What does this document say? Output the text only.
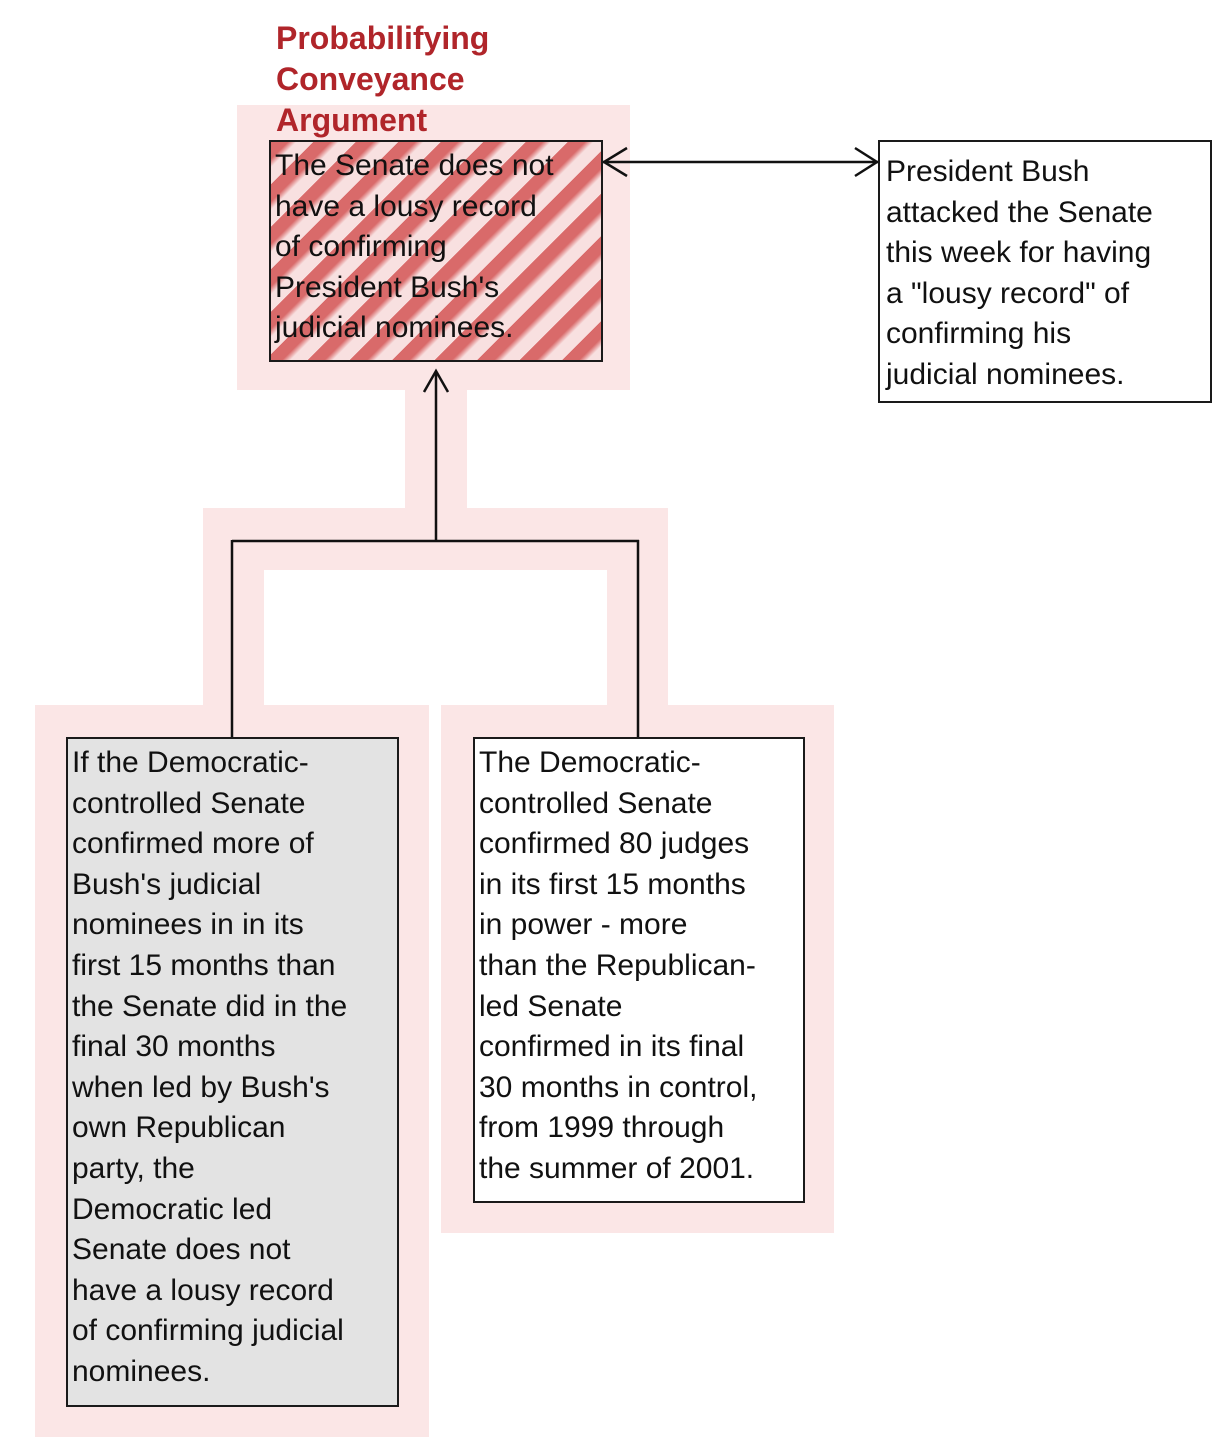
Probabilifying
Conveyance
Argument
The Senate does not
have a lousy record
of confirming
President Bush's
judicial nominees.
President Bush
attacked the Senate
this week for having
a "lousy record" of
confirming his
judicial nominees.
If the Democratic-
controlled Senate
confirmed more of
Bush's judicial
nominees in in its
first 15 months than
the Senate did in the
final 30 months
when led by Bush's
own Republican
party, the
Democratic led
Senate does not
have a lousy record
of confirming judicial
nominees.
The Democratic-
controlled Senate
confirmed 80 judges
in its first 15 months
in power - more
than the Republican-
led Senate
confirmed in its final
30 months in control,
from 1999 through
the summer of 2001.
